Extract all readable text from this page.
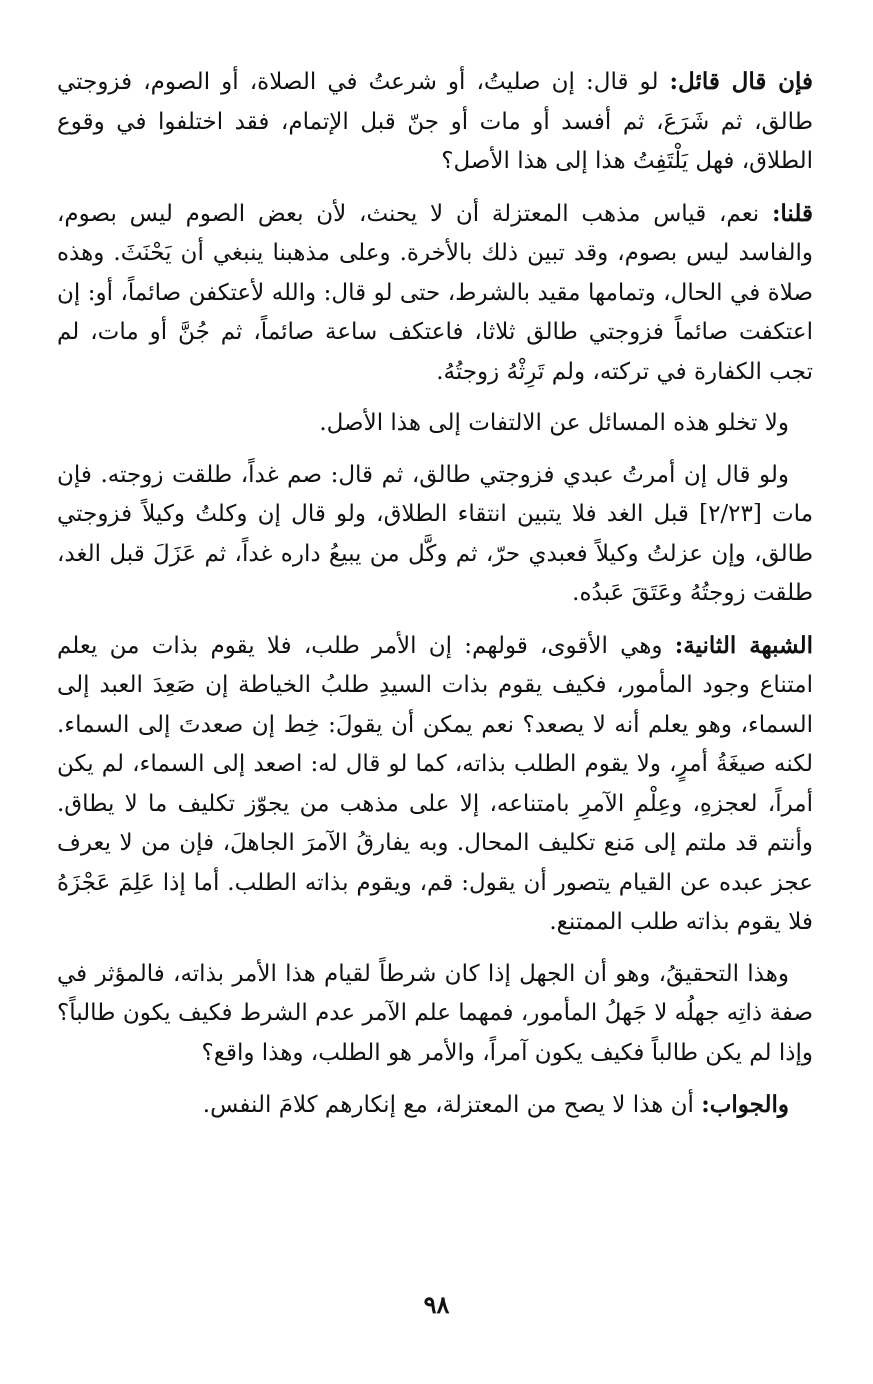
فإن قال قائل: لو قال: إن صليتُ، أو شرعتُ في الصلاة، أو الصوم، فزوجتي طالق، ثم شَرَعَ، ثم أفسد أو مات أو جنّ قبل الإتمام، فقد اختلفوا في وقوع الطلاق، فهل يَلْتَفِتُ هذا إلى هذا الأصل؟

قلنا: نعم، قياس مذهب المعتزلة أن لا يحنث، لأن بعض الصوم ليس بصوم، والفاسد ليس بصوم، وقد تبين ذلك بالأخرة. وعلى مذهبنا ينبغي أن يَحْنَثَ. وهذه صلاة في الحال، وتمامها مقيد بالشرط، حتى لو قال: والله لأعتكفن صائماً، أو: إن اعتكفت صائماً فزوجتي طالق ثلاثا، فاعتكف ساعة صائماً، ثم جُنَّ أو مات، لم تجب الكفارة في تركته، ولم تَرِثْهُ زوجتُهُ.

ولا تخلو هذه المسائل عن الالتفات إلى هذا الأصل.

ولو قال إن أمرتُ عبدي فزوجتي طالق، ثم قال: صم غداً، طلقت زوجته. فإن مات [٢/٢٣] قبل الغد فلا يتبين انتقاء الطلاق، ولو قال إن وكلتُ وكيلاً فزوجتي طالق، وإن عزلتُ وكيلاً فعبدي حرّ، ثم وكَّل من يبيعُ داره غداً، ثم عَزَلَ قبل الغد، طلقت زوجتُهُ وعَتَقَ عَبدُه.

الشبهة الثانية: وهي الأقوى، قولهم: إن الأمر طلب، فلا يقوم بذات من يعلم امتناع وجود المأمور، فكيف يقوم بذات السيدِ طلبُ الخياطة إن صَعِدَ العبد إلى السماء، وهو يعلم أنه لا يصعد؟ نعم يمكن أن يقولَ: خِط إن صعدتَ إلى السماء. لكنه صيغَةُ أمرٍ، ولا يقوم الطلب بذاته، كما لو قال له: اصعد إلى السماء، لم يكن أمراً، لعجزهِ، وعِلْمِ الآمرِ بامتناعه، إلا على مذهب من يجوّز تكليف ما لا يطاق. وأنتم قد ملتم إلى مَنع تكليف المحال. وبه يفارقُ الآمرَ الجاهلَ، فإن من لا يعرف عجز عبده عن القيام يتصور أن يقول: قم، ويقوم بذاته الطلب. أما إذا عَلِمَ عَجْزَهُ فلا يقوم بذاته طلب الممتنع.

وهذا التحقيقُ، وهو أن الجهل إذا كان شرطاً لقيام هذا الأمر بذاته، فالمؤثر في صفة ذاتِه جهلُه لا جَهلُ المأمور، فمهما علم الآمر عدم الشرط فكيف يكون طالباً؟ وإذا لم يكن طالباً فكيف يكون آمراً، والأمر هو الطلب، وهذا واقع؟

والجواب: أن هذا لا يصح من المعتزلة، مع إنكارهم كلامَ النفس.

٩٨
